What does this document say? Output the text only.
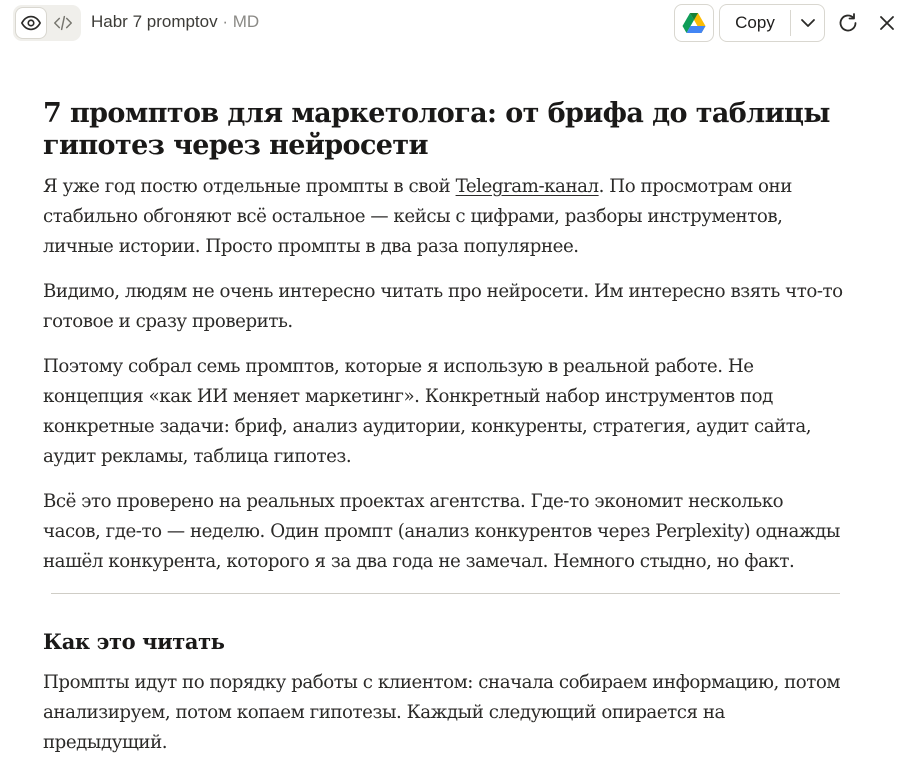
Habr 7 promptov · MD	Copy
7 промптов для маркетолога: от брифа до таблицы гипотез через нейросети

Я уже год постю отдельные промпты в свой Telegram-канал. По просмотрам они стабильно обгоняют всё остальное — кейсы с цифрами, разборы инструментов, личные истории. Просто промпты в два раза популярнее.

Видимо, людям не очень интересно читать про нейросети. Им интересно взять что-то готовое и сразу проверить.

Поэтому собрал семь промптов, которые я использую в реальной работе. Не концепция «как ИИ меняет маркетинг». Конкретный набор инструментов под конкретные задачи: бриф, анализ аудитории, конкуренты, стратегия, аудит сайта, аудит рекламы, таблица гипотез.

Всё это проверено на реальных проектах агентства. Где-то экономит несколько часов, где-то — неделю. Один промпт (анализ конкурентов через Perplexity) однажды нашёл конкурента, которого я за два года не замечал. Немного стыдно, но факт.

Как это читать

Промпты идут по порядку работы с клиентом: сначала собираем информацию, потом анализируем, потом копаем гипотезы. Каждый следующий опирается на предыдущий.
